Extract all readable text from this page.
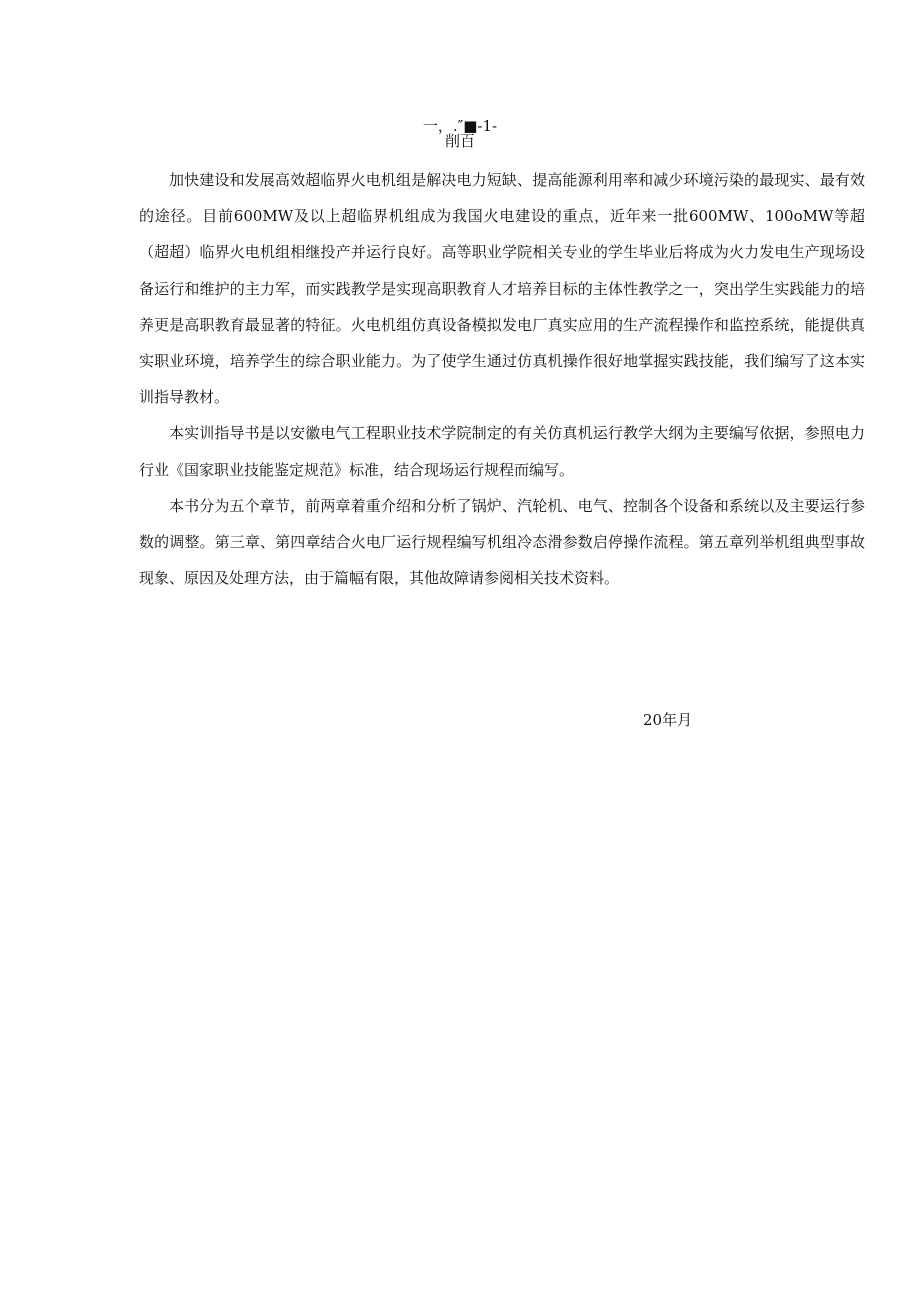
一，.″■-1-
削百

加快建设和发展高效超临界火电机组是解决电力短缺、提高能源利用率和减少环境污染的最现实、最有效的途径。目前600MW及以上超临界机组成为我国火电建设的重点，近年来一批600MW、100oMW等超（超超）临界火电机组相继投产并运行良好。高等职业学院相关专业的学生毕业后将成为火力发电生产现场设备运行和维护的主力军，而实践教学是实现高职教育人才培养目标的主体性教学之一，突出学生实践能力的培养更是高职教育最显著的特征。火电机组仿真设备模拟发电厂真实应用的生产流程操作和监控系统，能提供真实职业环境，培养学生的综合职业能力。为了使学生通过仿真机操作很好地掌握实践技能，我们编写了这本实训指导教材。

本实训指导书是以安徽电气工程职业技术学院制定的有关仿真机运行教学大纲为主要编写依据，参照电力行业《国家职业技能鉴定规范》标准，结合现场运行规程而编写。

本书分为五个章节，前两章着重介绍和分析了锅炉、汽轮机、电气、控制各个设备和系统以及主要运行参数的调整。第三章、第四章结合火电厂运行规程编写机组冷态滑参数启停操作流程。第五章列举机组典型事故现象、原因及处理方法，由于篇幅有限，其他故障请参阅相关技术资料。

20年月
